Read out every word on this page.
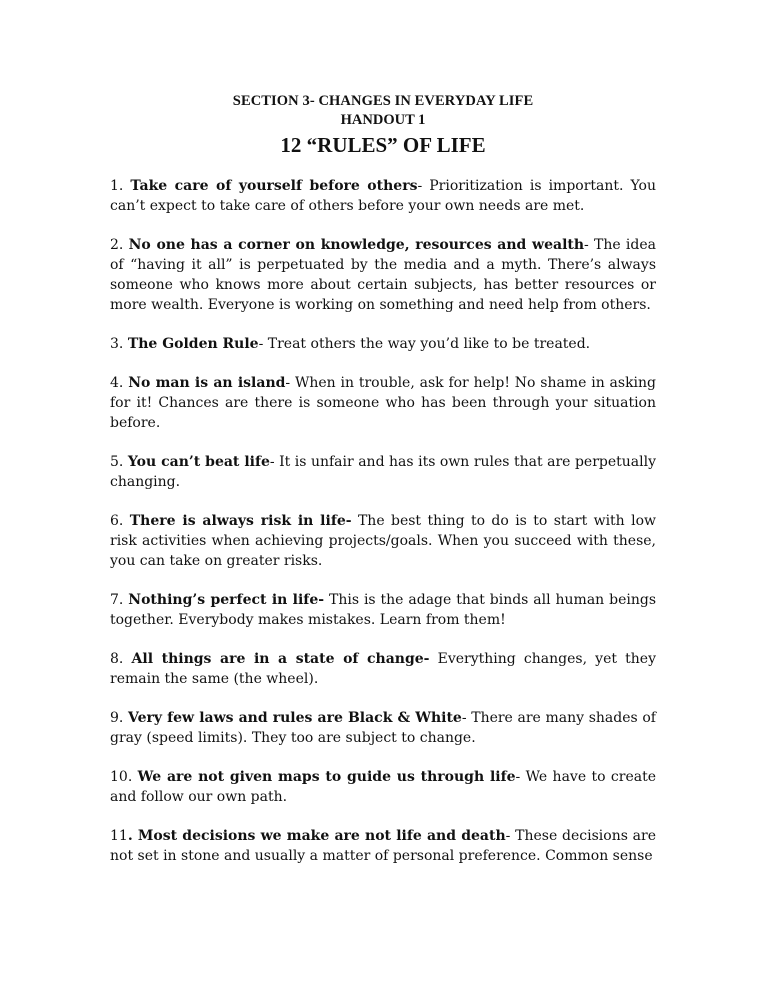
SECTION 3- CHANGES IN EVERYDAY LIFE
HANDOUT 1
12 “RULES” OF LIFE

1. Take care of yourself before others- Prioritization is important. You can’t expect to take care of others before your own needs are met.

2. No one has a corner on knowledge, resources and wealth- The idea of “having it all” is perpetuated by the media and a myth. There’s always someone who knows more about certain subjects, has better resources or more wealth. Everyone is working on something and need help from others.

3. The Golden Rule- Treat others the way you’d like to be treated.

4. No man is an island- When in trouble, ask for help! No shame in asking for it! Chances are there is someone who has been through your situation before.

5. You can’t beat life- It is unfair and has its own rules that are perpetually changing.

6. There is always risk in life- The best thing to do is to start with low risk activities when achieving projects/goals. When you succeed with these, you can take on greater risks.

7. Nothing’s perfect in life- This is the adage that binds all human beings together. Everybody makes mistakes. Learn from them!

8. All things are in a state of change- Everything changes, yet they remain the same (the wheel).

9. Very few laws and rules are Black & White- There are many shades of gray (speed limits). They too are subject to change.

10. We are not given maps to guide us through life- We have to create and follow our own path.

11. Most decisions we make are not life and death- These decisions are not set in stone and usually a matter of personal preference. Common sense
